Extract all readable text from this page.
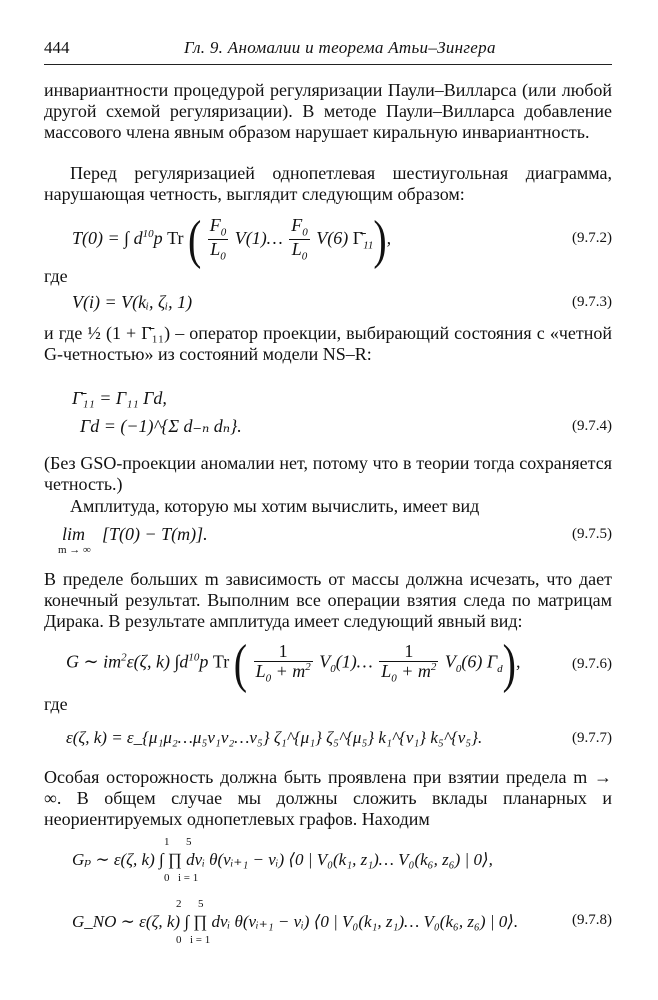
444	Гл. 9. Аномалии и теорема Атьи–Зингера
инвариантности процедурой регуляризации Паули–Вилларса (или любой другой схемой регуляризации). В методе Паули–Вилларса добавление массового члена явным образом нарушает киральную инвариантность.
Перед регуляризацией однопетлевая шестиугольная диаграмма, нарушающая четность, выглядит следующим образом:
T(0) = ∫ $d^{10}p$ Tr ( $\frac{F_0}{L_0}$ V(1)… $\frac{F_0}{L_0} V(6)$ $\Gammā_{11}$),	(9.7.2)
где
V(i) = V(kᵢ, ζᵢ, 1)	(9.7.3)
и где ½ (1 + Γ̄₁₁) – оператор проекции, выбирающий состояния с «четной G-четностью» из состояний модели NS–R:
Γ̄₁₁ = Γ₁₁ Γd,
Γd = (−1)^{Σ d₋ₙ dₙ}.	(9.7.4)
(Без GSO-проекции аномалии нет, потому что в теории тогда сохраняется четность.)
Амплитуда, которую мы хотим вычислить, имеет вид
lim
m → ∞
[T(0) − T(m)].	(9.7.5)
В пределе больших m зависимость от массы должна исчезать, что дает конечный результат. Выполним все операции взятия следа по матрицам Дирака. В результате амплитуда имеет следующий явный вид:
G ∼ $im^2\varepsilon(\zeta$, k) $\int d^{10}p$ Tr ( $\frac{1}{L_0 + m^2}$ $V_0(1)\dots \frac{1}{L_0 + m^2} V_0(6)$ $\Gamma_d$),	(9.7.6)
где
ε(ζ, k) = ε_{μ₁μ₂…μ₅ν₁ν₂…ν₅} ζ₁^{μ₁} ζ₅^{μ₅} k₁^{ν₁} k₅^{ν₅}.	(9.7.7)
Особая осторожность должна быть проявлена при взятии предела m → ∞. В общем случае мы должны сложить вклады планарных и неориентируемых однопетлевых графов. Находим
1 5
Gₚ ∼ ε(ζ, k) ∫ ∏ dνᵢ θ(νᵢ₊₁ − νᵢ) ⟨0 | V₀(k₁, z₁)… V₀(k₆, z₆) | 0⟩,
0 i = 1
2 5
G_NO ∼ ε(ζ, k) ∫ ∏ dνᵢ θ(νᵢ₊₁ − νᵢ) ⟨0 | V₀(k₁, z₁)… V₀(k₆, z₆) | 0⟩.
0 i = 1
(9.7.8)
